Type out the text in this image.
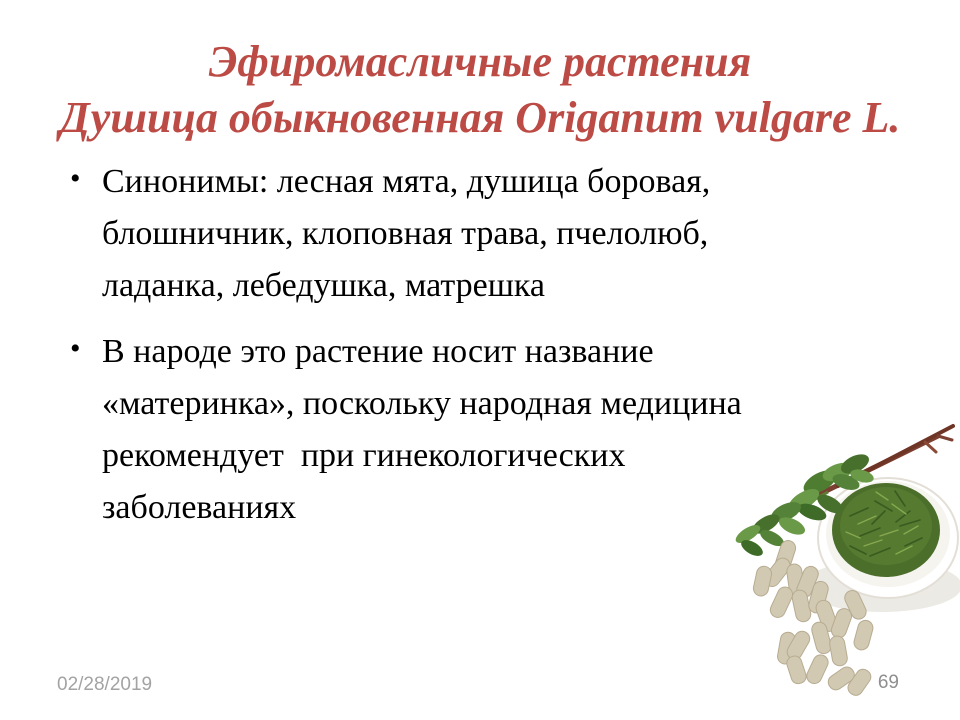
Эфиромасличные растения
Душица обыкновенная Origanum vulgare L.
• Синонимы: лесная мята, душица боровая,
блошничник, клоповная трава, пчелолюб,
ладанка, лебедушка, матрешка
• В народе это растение носит название
«материнка», поскольку народная медицина
рекомендует  при гинекологических
заболеваниях
02/28/2019	69
